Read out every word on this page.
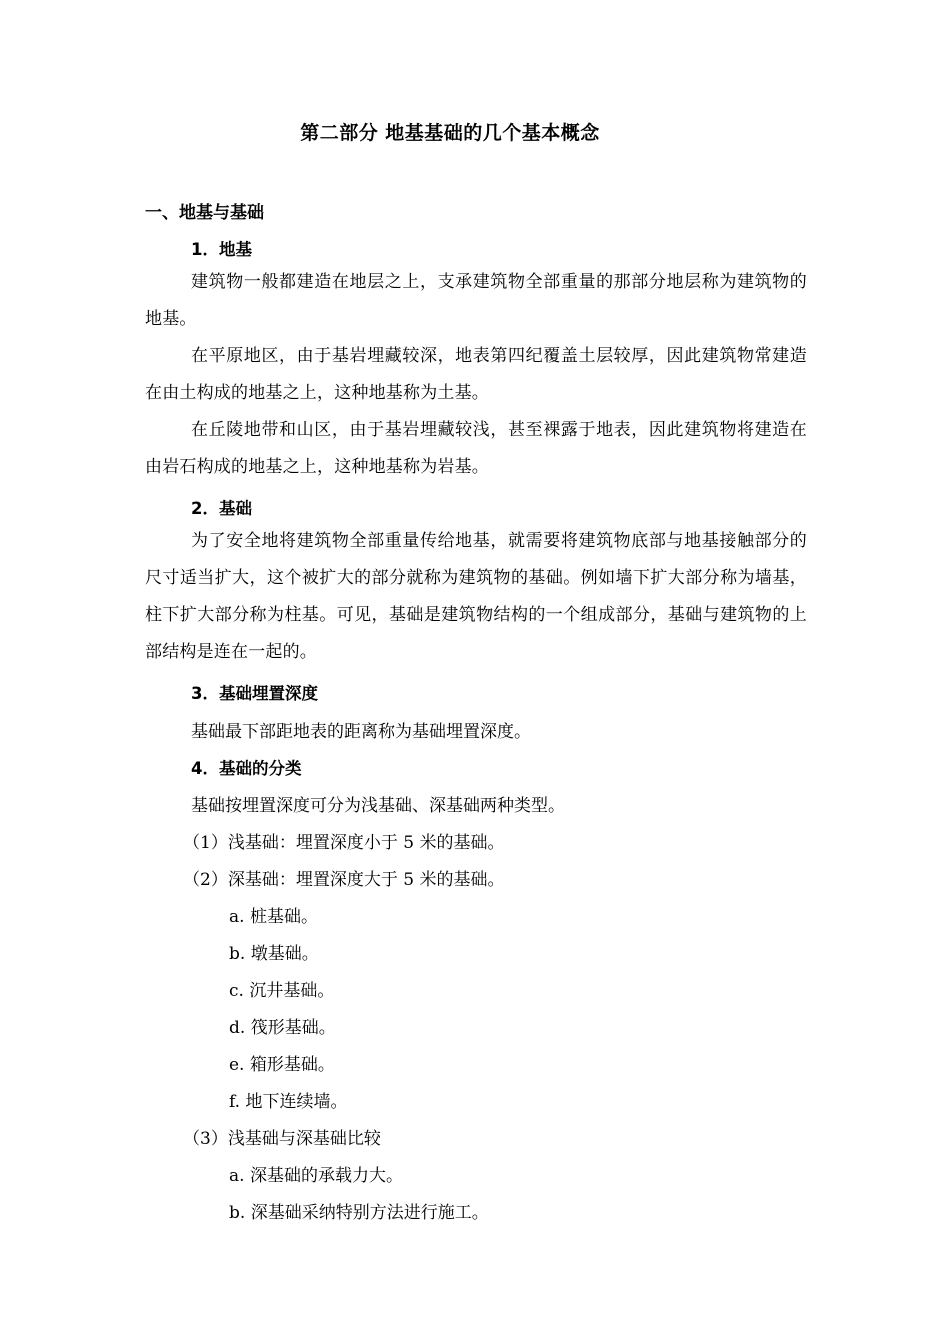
第二部分 地基基础的几个基本概念
一、地基与基础
1．地基
建筑物一般都建造在地层之上，支承建筑物全部重量的那部分地层称为建筑物的地基。
在平原地区，由于基岩埋藏较深，地表第四纪覆盖土层较厚，因此建筑物常建造在由土构成的地基之上，这种地基称为土基。
在丘陵地带和山区，由于基岩埋藏较浅，甚至裸露于地表，因此建筑物将建造在由岩石构成的地基之上，这种地基称为岩基。
2．基础
为了安全地将建筑物全部重量传给地基，就需要将建筑物底部与地基接触部分的尺寸适当扩大，这个被扩大的部分就称为建筑物的基础。例如墙下扩大部分称为墙基，柱下扩大部分称为柱基。可见，基础是建筑物结构的一个组成部分，基础与建筑物的上部结构是连在一起的。
3．基础埋置深度
基础最下部距地表的距离称为基础埋置深度。
4．基础的分类
基础按埋置深度可分为浅基础、深基础两种类型。
（1）浅基础：埋置深度小于 5 米的基础。
（2）深基础：埋置深度大于 5 米的基础。
a. 桩基础。
b. 墩基础。
c. 沉井基础。
d. 筏形基础。
e. 箱形基础。
f. 地下连续墙。
（3）浅基础与深基础比较
a. 深基础的承载力大。
b. 深基础采纳特别方法进行施工。
